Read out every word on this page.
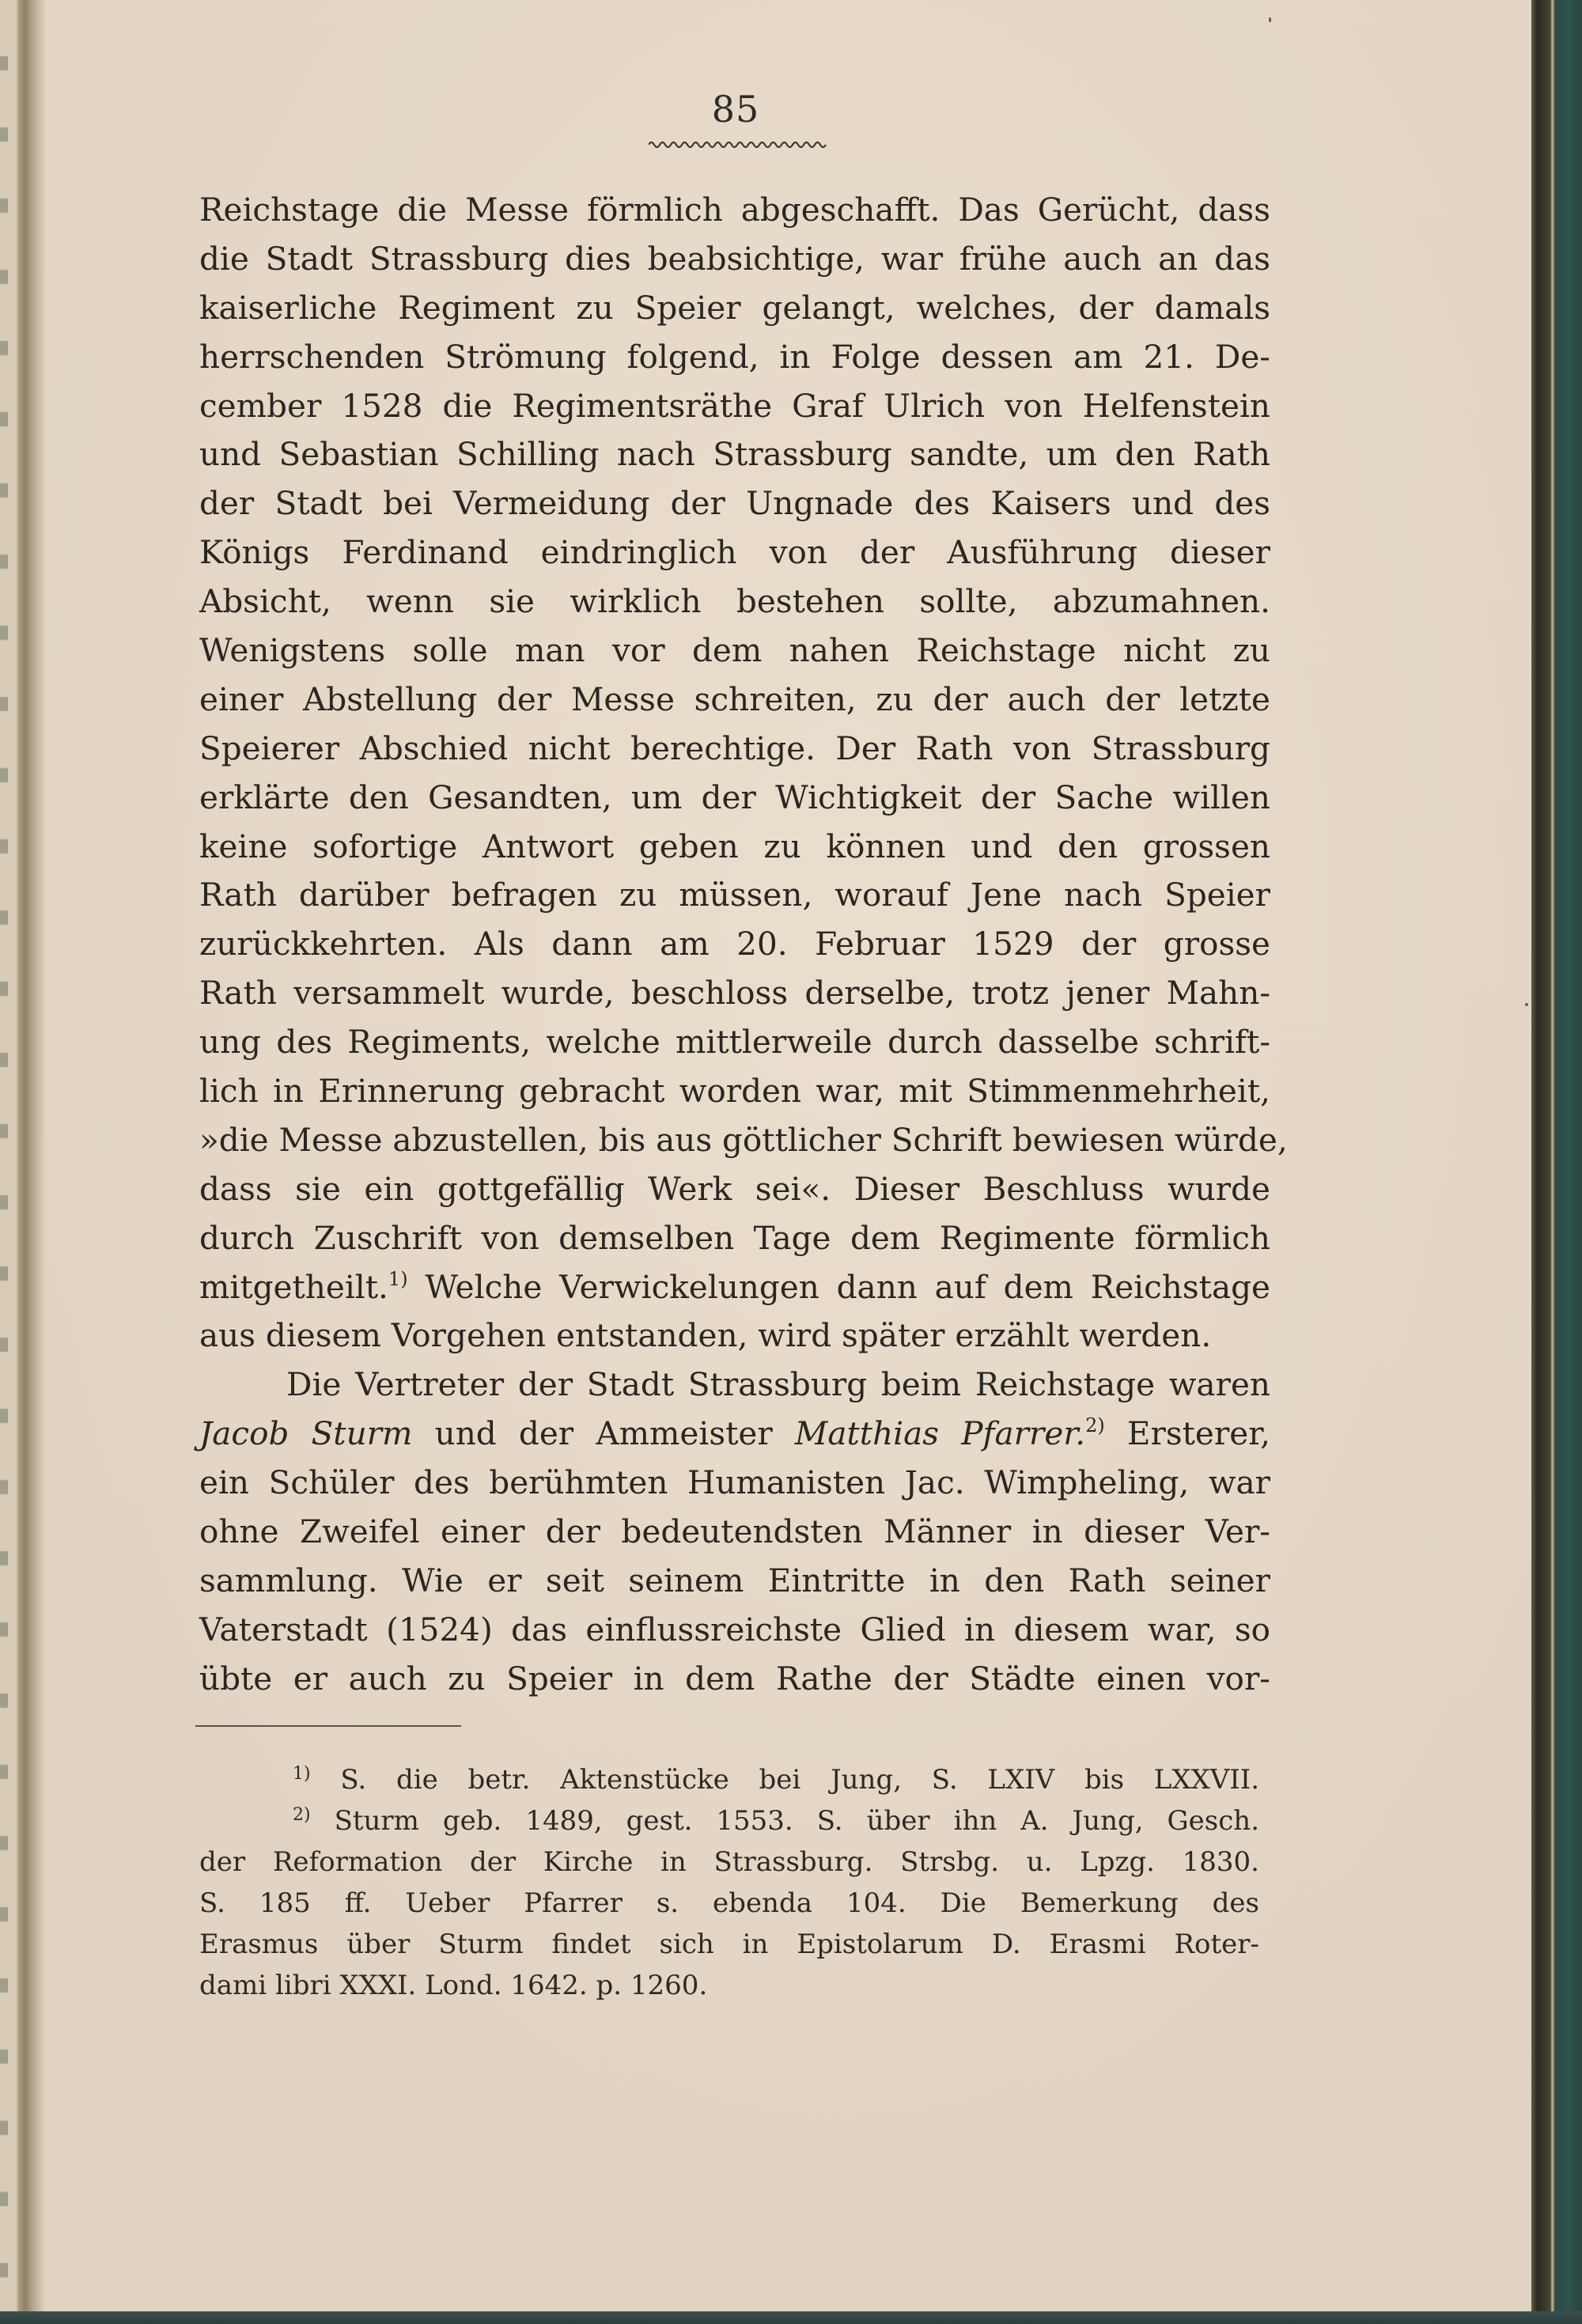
85
Reichstage die Messe förmlich abgeschafft. Das Gerücht, dass
die Stadt Strassburg dies beabsichtige, war frühe auch an das
kaiserliche Regiment zu Speier gelangt, welches, der damals
herrschenden Strömung folgend, in Folge dessen am 21. De-
cember 1528 die Regimentsräthe Graf Ulrich von Helfenstein
und Sebastian Schilling nach Strassburg sandte, um den Rath
der Stadt bei Vermeidung der Ungnade des Kaisers und des
Königs Ferdinand eindringlich von der Ausführung dieser
Absicht, wenn sie wirklich bestehen sollte, abzumahnen.
Wenigstens solle man vor dem nahen Reichstage nicht zu
einer Abstellung der Messe schreiten, zu der auch der letzte
Speierer Abschied nicht berechtige. Der Rath von Strassburg
erklärte den Gesandten, um der Wichtigkeit der Sache willen
keine sofortige Antwort geben zu können und den grossen
Rath darüber befragen zu müssen, worauf Jene nach Speier
zurückkehrten. Als dann am 20. Februar 1529 der grosse
Rath versammelt wurde, beschloss derselbe, trotz jener Mahn-
ung des Regiments, welche mittlerweile durch dasselbe schrift-
lich in Erinnerung gebracht worden war, mit Stimmenmehrheit,
»die Messe abzustellen, bis aus göttlicher Schrift bewiesen würde,
dass sie ein gottgefällig Werk sei«. Dieser Beschluss wurde
durch Zuschrift von demselben Tage dem Regimente förmlich
mitgetheilt.$^{1)}$ Welche Verwickelungen dann auf dem Reichstage
aus diesem Vorgehen entstanden, wird später erzählt werden.
Die Vertreter der Stadt Strassburg beim Reichstage waren
Jacob Sturm und der Ammeister Matthias Pfarrer.$^{2)}$ Ersterer,
ein Schüler des berühmten Humanisten Jac. Wimpheling, war
ohne Zweifel einer der bedeutendsten Männer in dieser Ver-
sammlung. Wie er seit seinem Eintritte in den Rath seiner
Vaterstadt (1524) das einflussreichste Glied in diesem war, so
übte er auch zu Speier in dem Rathe der Städte einen vor-
$^{1)}$ S. die betr. Aktenstücke bei Jung, S. LXIV bis LXXVII.
$^{2)}$ Sturm geb. 1489, gest. 1553. S. über ihn A. Jung, Gesch.
der Reformation der Kirche in Strassburg. Strsbg. u. Lpzg. 1830.
S. 185 ff. Ueber Pfarrer s. ebenda 104. Die Bemerkung des
Erasmus über Sturm findet sich in Epistolarum D. Erasmi Roter-
dami libri XXXI. Lond. 1642. p. 1260.
